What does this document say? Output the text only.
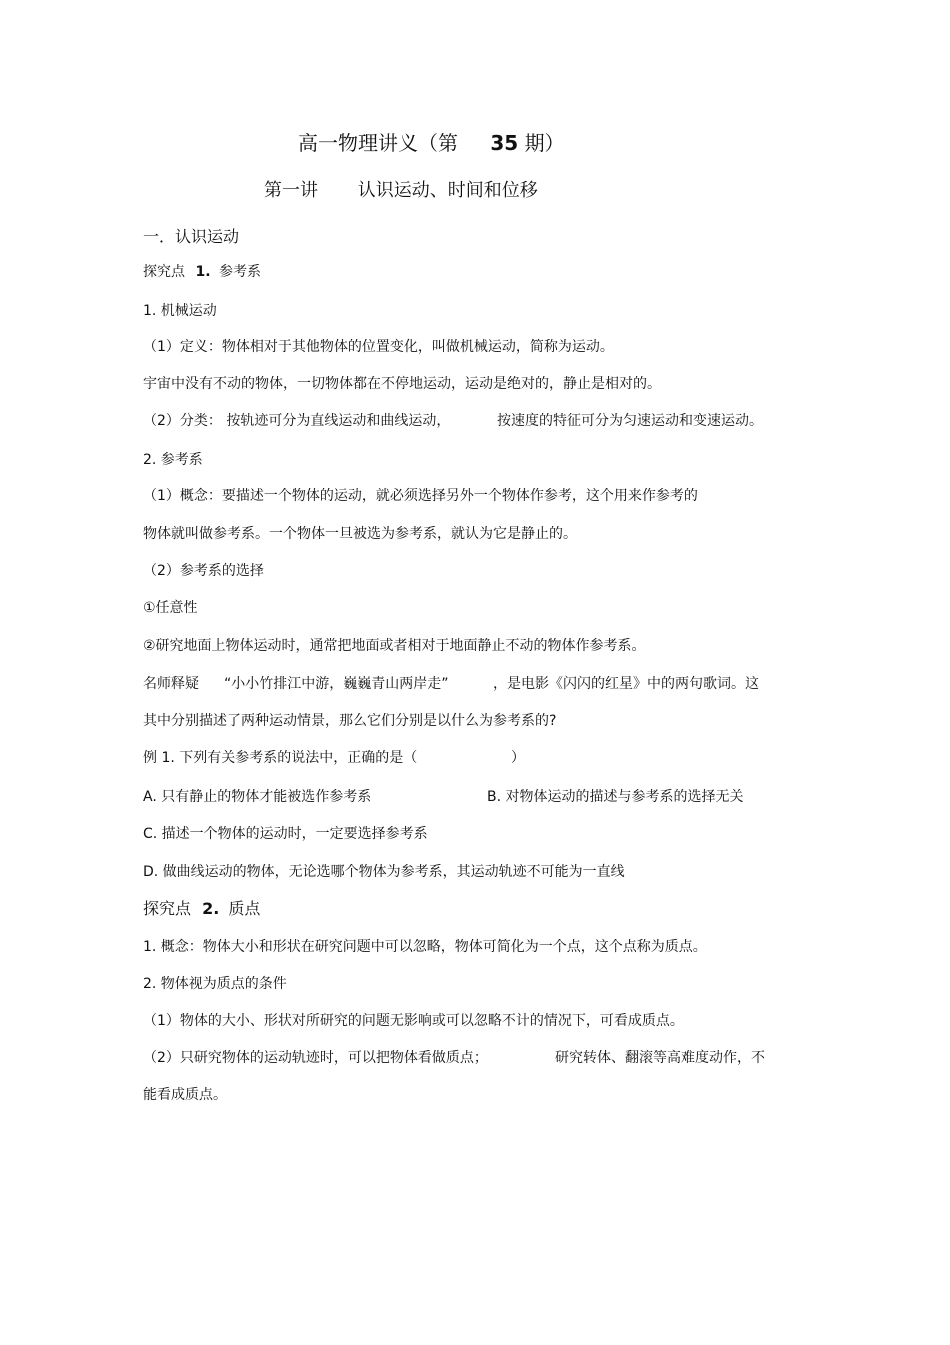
高一物理讲义（第 35 期）
第一讲 认识运动、时间和位移
一．认识运动
探究点 1. 参考系
1. 机械运动
（1）定义：物体相对于其他物体的位置变化，叫做机械运动，简称为运动。
宇宙中没有不动的物体，一切物体都在不停地运动，运动是绝对的，静止是相对的。
（2）分类： 按轨迹可分为直线运动和曲线运动，	按速度的特征可分为匀速运动和变速运动。
2. 参考系
（1）概念：要描述一个物体的运动，就必须选择另外一个物体作参考，这个用来作参考的
物体就叫做参考系。一个物体一旦被选为参考系，就认为它是静止的。
（2）参考系的选择
①任意性
②研究地面上物体运动时，通常把地面或者相对于地面静止不动的物体作参考系。
名师释疑 “小小竹排江中游，巍巍青山两岸走”	，是电影《闪闪的红星》中的两句歌词。这
其中分别描述了两种运动情景，那么它们分别是以什么为参考系的?
例 1. 下列有关参考系的说法中，正确的是（	）
A. 只有静止的物体才能被选作参考系	B. 对物体运动的描述与参考系的选择无关
C. 描述一个物体的运动时，一定要选择参考系
D. 做曲线运动的物体，无论选哪个物体为参考系，其运动轨迹不可能为一直线
探究点 2. 质点
1. 概念：物体大小和形状在研究问题中可以忽略，物体可简化为一个点，这个点称为质点。
2. 物体视为质点的条件
（1）物体的大小、形状对所研究的问题无影响或可以忽略不计的情况下，可看成质点。
（2）只研究物体的运动轨迹时，可以把物体看做质点；	研究转体、翻滚等高难度动作，不
能看成质点。
